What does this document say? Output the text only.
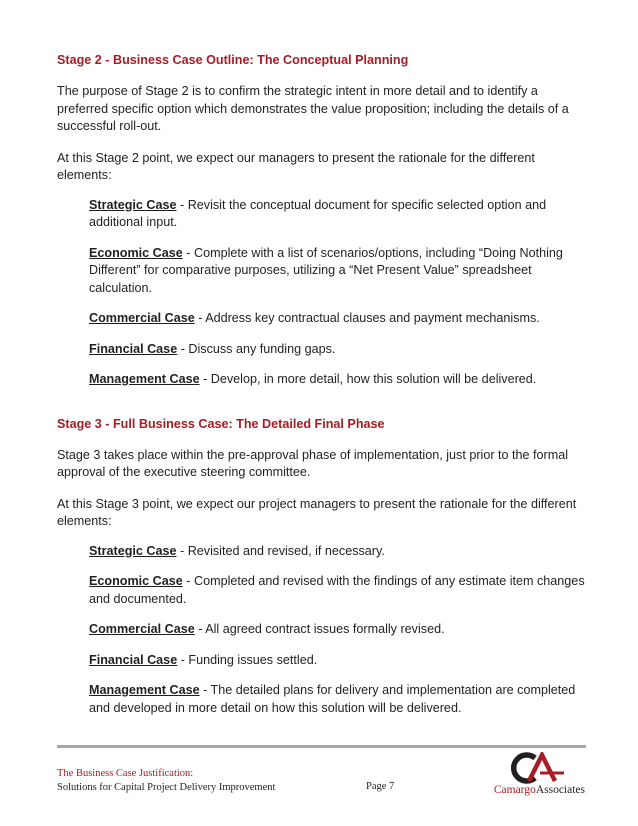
Stage 2 - Business Case Outline: The Conceptual Planning

The purpose of Stage 2 is to confirm the strategic intent in more detail and to identify a preferred specific option which demonstrates the value proposition; including the details of a successful roll-out.

At this Stage 2 point, we expect our managers to present the rationale for the different elements:

Strategic Case - Revisit the conceptual document for specific selected option and additional input.

Economic Case - Complete with a list of scenarios/options, including “Doing Nothing Different” for comparative purposes, utilizing a “Net Present Value” spreadsheet calculation.

Commercial Case - Address key contractual clauses and payment mechanisms.

Financial Case - Discuss any funding gaps.

Management Case - Develop, in more detail, how this solution will be delivered.

Stage 3 - Full Business Case: The Detailed Final Phase

Stage 3 takes place within the pre-approval phase of implementation, just prior to the formal approval of the executive steering committee.

At this Stage 3 point, we expect our project managers to present the rationale for the different elements:

Strategic Case - Revisited and revised, if necessary.

Economic Case - Completed and revised with the findings of any estimate item changes and documented.

Commercial Case - All agreed contract issues formally revised.

Financial Case - Funding issues settled.

Management Case - The detailed plans for delivery and implementation are completed and developed in more detail on how this solution will be delivered.

The Business Case Justification:
Solutions for Capital Project Delivery Improvement	Page 7	CamargoAssociates
